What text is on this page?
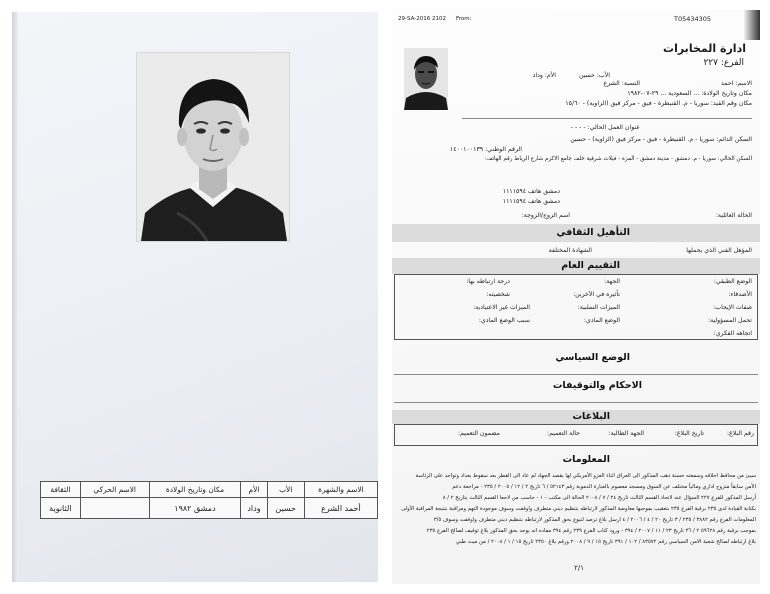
الاسم والشهرة	الأب	الأم	مكان وتاريخ الولادة	الاسم الحركي	الثقافة
أحمد الشرع	حسين	وداد	دمشق ١٩٨٢		الثانوية
29-SA-2016 2102 From:	T05434305
ادارة المخابرات
الفرع: ٢٢٧
النسبة: الشرع	الاسم: احمد
الأب: حسين
الأم: وداد
مكان وتاريخ الولادة: ... السعودية ... ٢٩-٠٧-١٩٨٢
مكان وقم القيد: سوريا - م. القنيطرة - فيق - مركز فيق (الزاوية) - ١٥/٦٠
عنوان العمل الحالي: - - - -
السكن الدائم: سوريا - م. القنيطرة - فيق - مركز فيق (الزاوية) - حسين
الرقم الوطني: ١٤٠٠١٠٠١٣٩
السكن الحالي: سوريا - م. دمشق - مدينة دمشق - المزة - فيلات شرقية خلف جامع الاكرم شارع الرياط رقم الهاتف:
دمشق هاتف ١١١١٥٩٤
دمشق هاتف ١١١١٥٩٤
اسم الزوج/الزوجة:	الحالة العائلية:
التأهيل الثقافي
الشهادة المختلفة	المؤهل الفني الذي يحملها
التقييم العام
الوضع الطبقي:
الجهة:
درجة ارتباطه بها:
الأصدقاء:
تأثيره في الآخرين:
شخصيته:
صفات الإيجاب:
الميزات السلبية:
الميزات غير الاعتيادية:
تحمل المسؤولية:
الوضع المادي:
سبب الوضع المادي:
اتجاهه الفكري:
الوضع السياسي
الاحكام والتوقيفات
البلاغات
رقم البلاغ:
تاريخ البلاغ:
الجهة الطالبة:
حالة التعميم:
مضمون التعميم:
المعلومات
سيئ من محافظ اخلاقه وسمعته حسنة ذهب المذكور الى العراق اثناء الغزو الأمريكي لها بقصد الجهاد لم عاد الى القطر بعد سقوط بغداد وتواجد على الرئاسة
الأمن سابقاً متزوج اداري ومالياً مختلف عن السوق ومسجد معصوم بالعبارة الدموية رقم ٥٢١٤٣ / ٦ تاريخ ٢ / ١٢ / ٢٠٠٥ / ٢٣٥ - مراجعة دعم
أرسل المذكور للفرع ٢٢٧ السؤال عنه لاتحاد القسم الثالث تاريخ ٢٤ / ٧ / ٢٠٠٨ الحالة الى مكتب - ١ - حاسب من لاجعا القسم الثالث بتاريخ ٢ / ٨
بكتابة القيادة لدى ٢٣٥ برقية الفرع ٢٣٥ بتعقيب بموجبها معاوضة المذكور لارتباطه بتنظيم ديني متطرف واوقفت وسوف موجودة التهم ومراقبة بنتيجة المراقبة الأولى
المعلومات الفرع رقم ٣٨٨٢ / ٢٣٥ / ٣ تاريخ ٢٠ / ٤ / ٢٠٠٦ / ٤ ارسل بلاغ ترصد لتبوع بحق المذكور لارتباطه بتنظيم ديني متطرف واوقفت وسوف ٣/٥
بموجب برقية رقم ٥٩٦٢٨ ٢ / ٣٦ تاريخ ٢٣ / ١١ / ٢٠٠٧ / ٣٩٤ - ورود كتاب الفرع ٢٣٩ رقم ٣٩٤ مفاده انه يوجد بحق المذكور بلاغ توقيف لصالح الفرع ٢٣٥
بلاغ ارتباطه لصالح شعبة الامن السياسي رقم ٨٣٥٧٢ / ١٠٢ / ٣٩١ تاريخ ١٥ / ٩ / ٢٠٠٨ ورقم بلاغ ٢٣٥٠ تاريخ ١٥ / ١ / ٢٠٠٨ / من ميث طبي
٢/١
